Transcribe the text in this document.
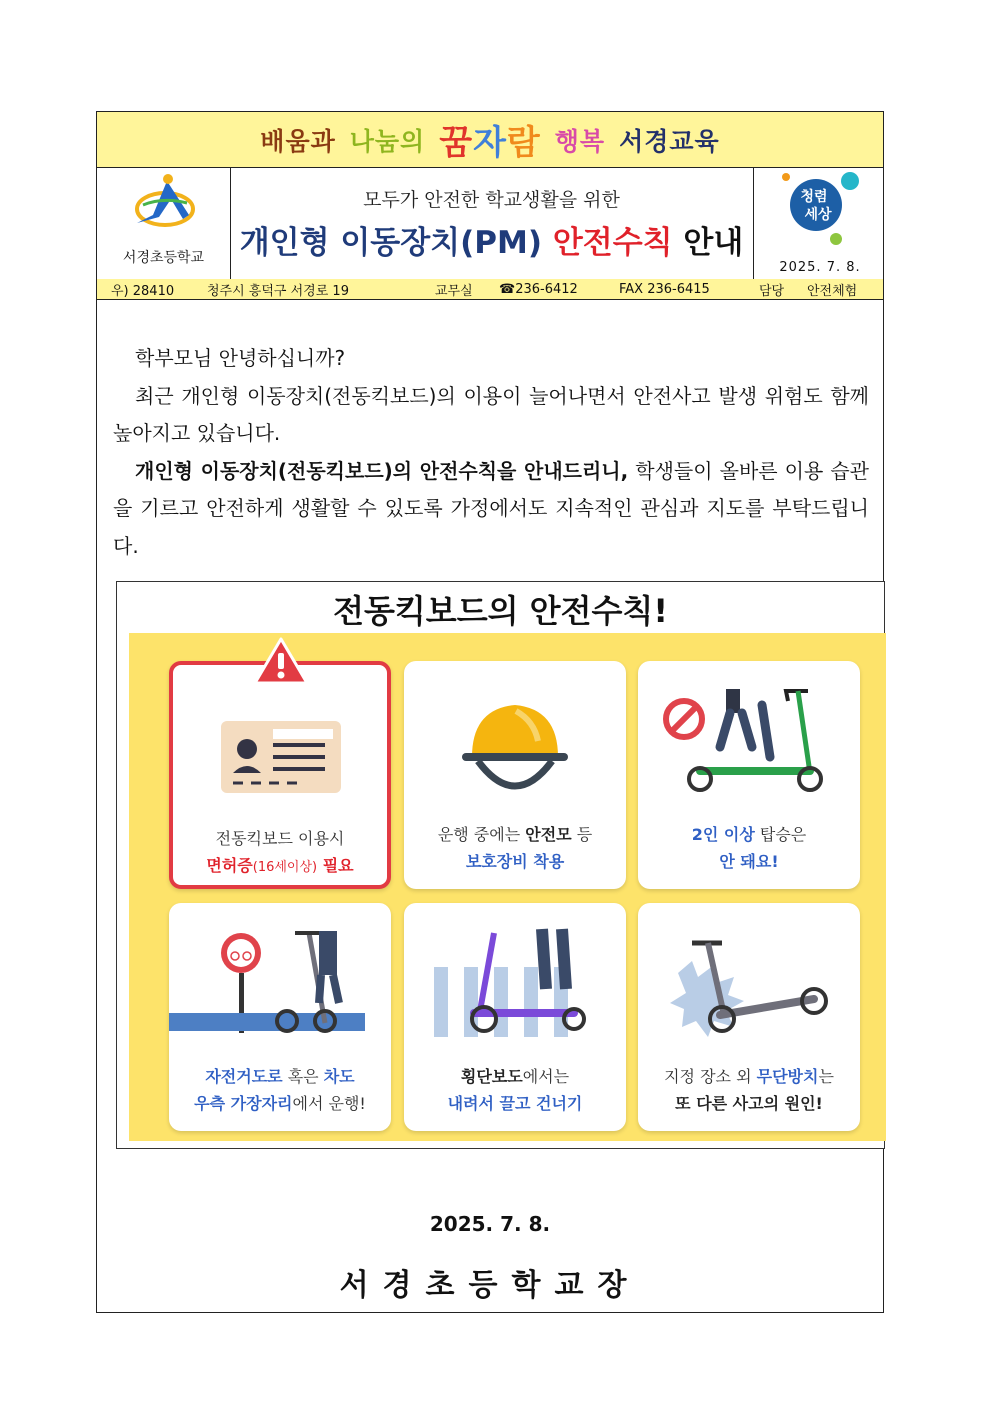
배움과 나눔의 꿈자람 행복 서경교육
서경초등학교
모두가 안전한 학교생활을 위한
개인형 이동장치(PM) 안전수칙 안내
청렴
세상
2025. 7. 8.
우) 28410	청주시 흥덕구 서경로 19	교무실 ☎236-6412	FAX 236-6415	담당 안전체험

학부모님 안녕하십니까?

최근 개인형 이동장치(전동킥보드)의 이용이 늘어나면서 안전사고 발생 위험도 함께 높아지고 있습니다.

개인형 이동장치(전동킥보드)의 안전수칙을 안내드리니, 학생들이 올바른 이용 습관을 기르고 안전하게 생활할 수 있도록 가정에서도 지속적인 관심과 지도를 부탁드립니다.

전동킥보드의 안전수칙!
전동킥보드 이용시
면허증(16세이상) 필요
운행 중에는 안전모 등
보호장비 착용
2인 이상 탑승은
안 돼요!
자전거도로 혹은 차도
우측 가장자리에서 운행!
횡단보도에서는
내려서 끌고 건너기
지정 장소 외 무단방치는
또 다른 사고의 원인!
2025. 7. 8.
서경초등학교장
